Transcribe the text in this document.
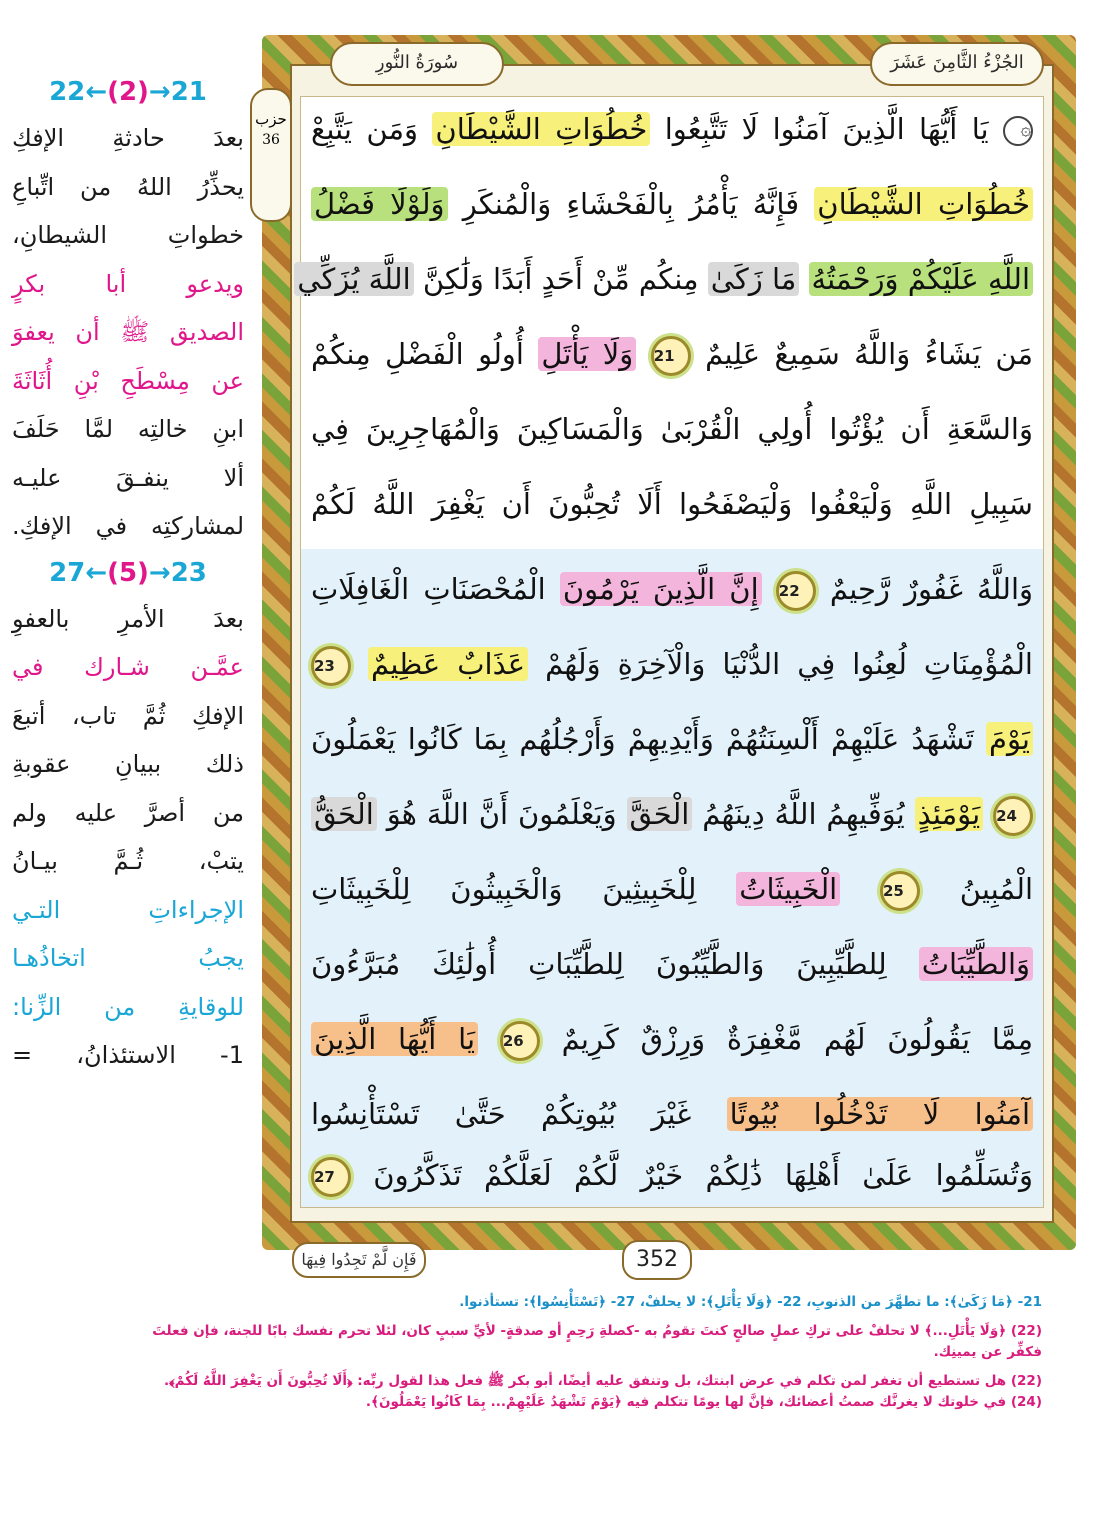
22←(2)→21
بعدَ حادثةِ الإفكِ
يحذِّرُ اللهُ من اتِّباعِ
خطواتِ الشيطانِ،
ويدعو أبا بكرٍ
الصديق ﷺ أن يعفوَ
عن مِسْطَحِ بْنِ أُثَاثَةَ
ابنِ خالتِه لمَّا حَلَفَ
ألا ينفـقَ عليـه
لمشاركتِه في الإفكِ.
27←(5)→23
بعدَ الأمرِ بالعفوِ
عمَّـن شـارك في
الإفكِ ثُمَّ تاب، أتبعَ
ذلك ببيانِ عقوبةِ
من أصرَّ عليه ولم
يتبْ، ثُـمَّ بيـانُ
الإجراءاتِ التـي
يجبُ اتخاذُهـا
للوقايةِ من الزِّنا:
1- الاستئذانُ، =
الجُزْءُ الثَّامِنَ عَشَرَ
سُورَةُ النُّورِ
حزب
36	۞ يَا أَيُّهَا الَّذِينَ آمَنُوا لَا تَتَّبِعُوا خُطُوَاتِ الشَّيْطَانِ وَمَن يَتَّبِعْ
خُطُوَاتِ الشَّيْطَانِ فَإِنَّهُ يَأْمُرُ بِالْفَحْشَاءِ وَالْمُنكَرِ وَلَوْلَا فَضْلُ
اللَّهِ عَلَيْكُمْ وَرَحْمَتُهُ مَا زَكَىٰ مِنكُم مِّنْ أَحَدٍ أَبَدًا وَلَٰكِنَّ اللَّهَ يُزَكِّي
مَن يَشَاءُ وَاللَّهُ سَمِيعٌ عَلِيمٌ 21 وَلَا يَأْتَلِ أُولُو الْفَضْلِ مِنكُمْ
وَالسَّعَةِ أَن يُؤْتُوا أُولِي الْقُرْبَىٰ وَالْمَسَاكِينَ وَالْمُهَاجِرِينَ فِي
سَبِيلِ اللَّهِ وَلْيَعْفُوا وَلْيَصْفَحُوا أَلَا تُحِبُّونَ أَن يَغْفِرَ اللَّهُ لَكُمْ
وَاللَّهُ غَفُورٌ رَّحِيمٌ 22 إِنَّ الَّذِينَ يَرْمُونَ الْمُحْصَنَاتِ الْغَافِلَاتِ
الْمُؤْمِنَاتِ لُعِنُوا فِي الدُّنْيَا وَالْآخِرَةِ وَلَهُمْ عَذَابٌ عَظِيمٌ 23
يَوْمَ تَشْهَدُ عَلَيْهِمْ أَلْسِنَتُهُمْ وَأَيْدِيهِمْ وَأَرْجُلُهُم بِمَا كَانُوا يَعْمَلُونَ
24 يَوْمَئِذٍ يُوَفِّيهِمُ اللَّهُ دِينَهُمُ الْحَقَّ وَيَعْلَمُونَ أَنَّ اللَّهَ هُوَ الْحَقُّ
الْمُبِينُ 25 الْخَبِيثَاتُ لِلْخَبِيثِينَ وَالْخَبِيثُونَ لِلْخَبِيثَاتِ
وَالطَّيِّبَاتُ لِلطَّيِّبِينَ وَالطَّيِّبُونَ لِلطَّيِّبَاتِ أُولَٰئِكَ مُبَرَّءُونَ
مِمَّا يَقُولُونَ لَهُم مَّغْفِرَةٌ وَرِزْقٌ كَرِيمٌ 26 يَا أَيُّهَا الَّذِينَ
آمَنُوا لَا تَدْخُلُوا بُيُوتًا غَيْرَ بُيُوتِكُمْ حَتَّىٰ تَسْتَأْنِسُوا
وَتُسَلِّمُوا عَلَىٰ أَهْلِهَا ذَٰلِكُمْ خَيْرٌ لَّكُمْ لَعَلَّكُمْ تَذَكَّرُونَ 27
فَإِن لَّمْ تَجِدُوا فِيهَا	352
21- ﴿مَا زَكَىٰ﴾: ما تطهَّرَ من الذنوبِ، 22- ﴿وَلَا يَأْتَلِ﴾: لا يحلفْ، 27- ﴿تَسْتَأْنِسُوا﴾: تستأذنوا.
(22) ﴿وَلَا يَأْتَلِ...﴾ لا تحلفْ على تركِ عملٍ صالحٍ كنتَ تقومُ به -كصلةِ رَحِمٍ أو صدقةٍ- لأيِّ سببٍ كان، لئلا تحرم نفسك بابًا للجنة، فإن فعلتَ
فكفِّر عن يمينِك.
(22) هل تستطيع أن تغفر لمن تكلم في عرض ابنتك، بل وتنفق عليه أيضًا، أبو بكر ﷺ فعل هذا لقول ربِّه: ﴿أَلَا تُحِبُّونَ أَن يَغْفِرَ اللَّهُ لَكُمْ﴾.
(24) في خلوتك لا يغرنَّك صمتُ أعضائك، فإنَّ لها يومًا تتكلم فيه ﴿يَوْمَ تَشْهَدُ عَلَيْهِمْ... بِمَا كَانُوا يَعْمَلُونَ﴾.
